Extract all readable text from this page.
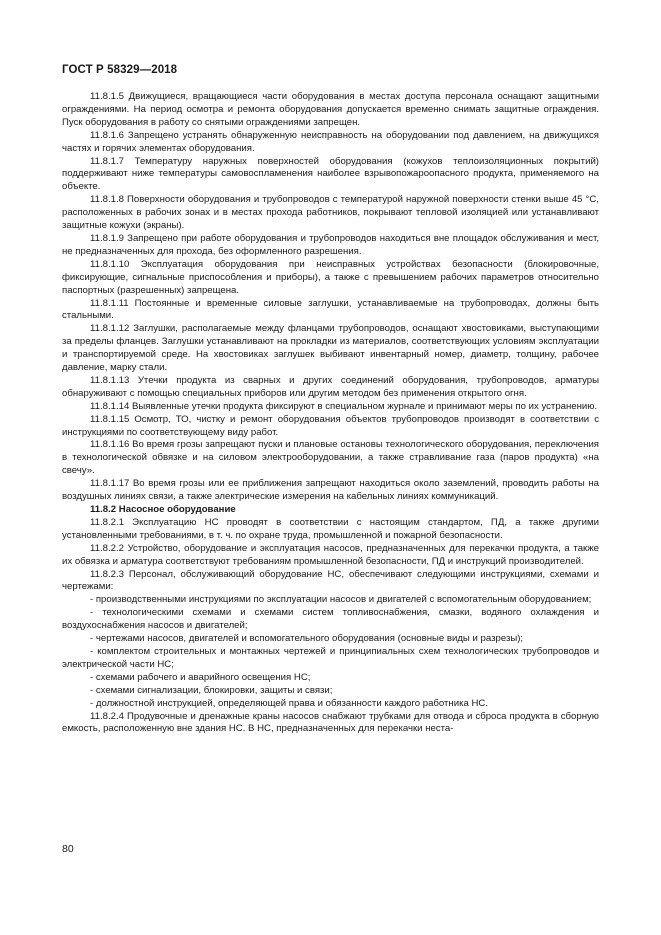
ГОСТ Р 58329—2018

11.8.1.5 Движущиеся, вращающиеся части оборудования в местах доступа персонала оснащают защитными ограждениями. На период осмотра и ремонта оборудования допускается временно снимать защитные ограждения. Пуск оборудования в работу со снятыми ограждениями запрещен.

11.8.1.6 Запрещено устранять обнаруженную неисправность на оборудовании под давлением, на движущихся частях и горячих элементах оборудования.

11.8.1.7 Температуру наружных поверхностей оборудования (кожухов теплоизоляционных покрытий) поддерживают ниже температуры самовоспламенения наиболее взрывопожароопасного продукта, применяемого на объекте.

11.8.1.8 Поверхности оборудования и трубопроводов с температурой наружной поверхности стенки выше 45 °С, расположенных в рабочих зонах и в местах прохода работников, покрывают тепловой изоляцией или устанавливают защитные кожухи (экраны).

11.8.1.9 Запрещено при работе оборудования и трубопроводов находиться вне площадок обслуживания и мест, не предназначенных для прохода, без оформленного разрешения.

11.8.1.10 Эксплуатация оборудования при неисправных устройствах безопасности (блокировочные, фиксирующие, сигнальные приспособления и приборы), а также с превышением рабочих параметров относительно паспортных (разрешенных) запрещена.

11.8.1.11 Постоянные и временные силовые заглушки, устанавливаемые на трубопроводах, должны быть стальными.

11.8.1.12 Заглушки, располагаемые между фланцами трубопроводов, оснащают хвостовиками, выступающими за пределы фланцев. Заглушки устанавливают на прокладки из материалов, соответствующих условиям эксплуатации и транспортируемой среде. На хвостовиках заглушек выбивают инвентарный номер, диаметр, толщину, рабочее давление, марку стали.

11.8.1.13 Утечки продукта из сварных и других соединений оборудования, трубопроводов, арматуры обнаруживают с помощью специальных приборов или другим методом без применения открытого огня.

11.8.1.14 Выявленные утечки продукта фиксируют в специальном журнале и принимают меры по их устранению.

11.8.1.15 Осмотр, ТО, чистку и ремонт оборудования объектов трубопроводов производят в соответствии с инструкциями по соответствующему виду работ.

11.8.1.16 Во время грозы запрещают пуски и плановые остановы технологического оборудования, переключения в технологической обвязке и на силовом электрооборудовании, а также стравливание газа (паров продукта) «на свечу».

11.8.1.17 Во время грозы или ее приближения запрещают находиться около заземлений, проводить работы на воздушных линиях связи, а также электрические измерения на кабельных линиях коммуникаций.

11.8.2 Насосное оборудование

11.8.2.1 Эксплуатацию НС проводят в соответствии с настоящим стандартом, ПД, а также другими установленными требованиями, в т. ч. по охране труда, промышленной и пожарной безопасности.

11.8.2.2 Устройство, оборудование и эксплуатация насосов, предназначенных для перекачки продукта, а также их обвязка и арматура соответствуют требованиям промышленной безопасности, ПД и инструкций производителей.

11.8.2.3 Персонал, обслуживающий оборудование НС, обеспечивают следующими инструкциями, схемами и чертежами:

- производственными инструкциями по эксплуатации насосов и двигателей с вспомогательным оборудованием;

- технологическими схемами и схемами систем топливоснабжения, смазки, водяного охлаждения и воздухоснабжения насосов и двигателей;

- чертежами насосов, двигателей и вспомогательного оборудования (основные виды и разрезы);

- комплектом строительных и монтажных чертежей и принципиальных схем технологических трубопроводов и электрической части НС;

- схемами рабочего и аварийного освещения НС;

- схемами сигнализации, блокировки, защиты и связи;

- должностной инструкцией, определяющей права и обязанности каждого работника НС.

11.8.2.4 Продувочные и дренажные краны насосов снабжают трубками для отвода и сброса продукта в сборную емкость, расположенную вне здания НС. В НС, предназначенных для перекачки неста-

80
